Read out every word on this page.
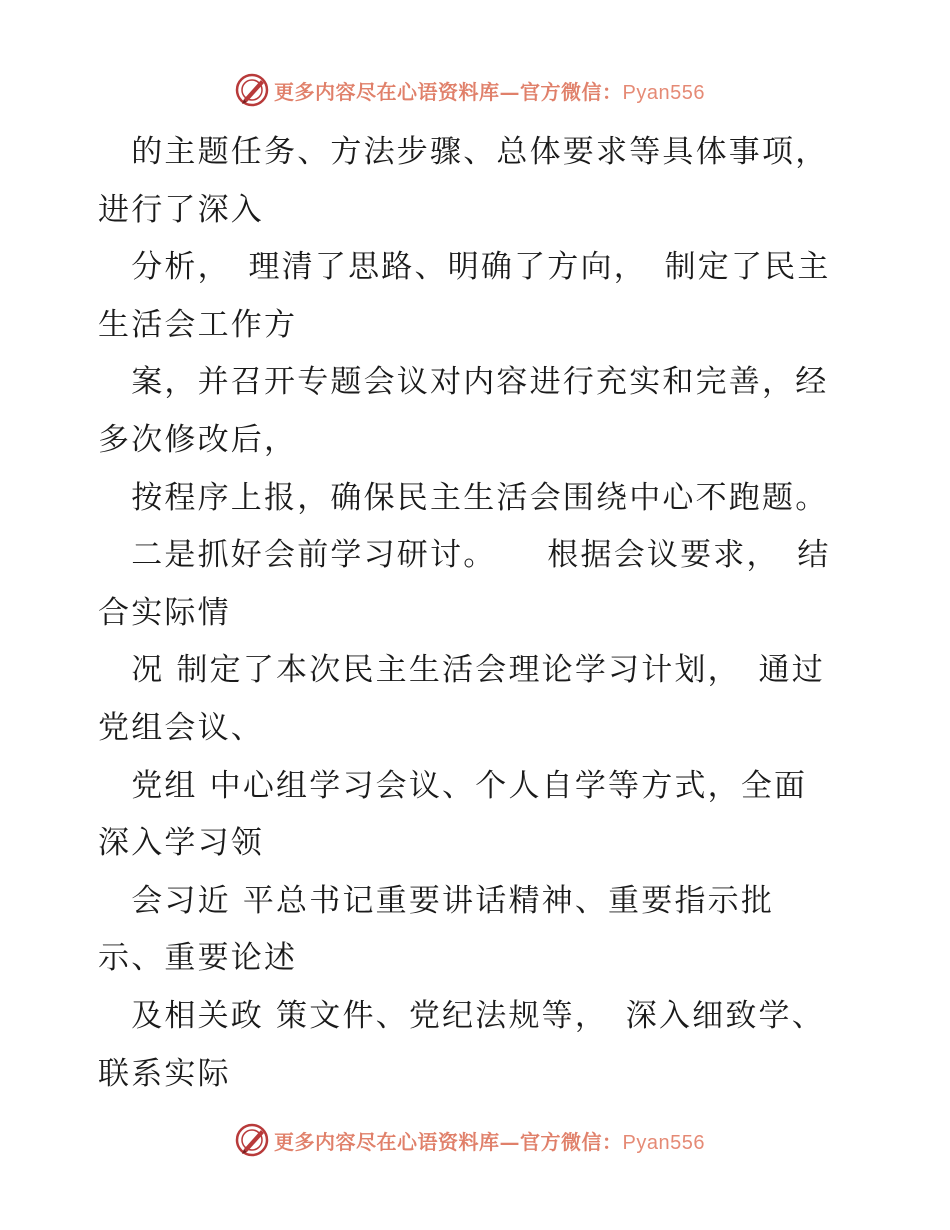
更多内容尽在心语资料库—官方微信：Pyan556
　的主题任务、方法步骤、总体要求等具体事项，
进行了深入
　分析，　理清了思路、明确了方向，　制定了民主
生活会工作方
　案，并召开专题会议对内容进行充实和完善，经
多次修改后，
　按程序上报，确保民主生活会围绕中心不跑题。
　二是抓好会前学习研讨。　　根据会议要求，　结
合实际情
　况 制定了本次民主生活会理论学习计划，　通过
党组会议、
　党组 中心组学习会议、个人自学等方式，全面
深入学习领
　会习近 平总书记重要讲话精神、重要指示批
示、重要论述
　及相关政 策文件、党纪法规等，　深入细致学、
联系实际
更多内容尽在心语资料库—官方微信：Pyan556
